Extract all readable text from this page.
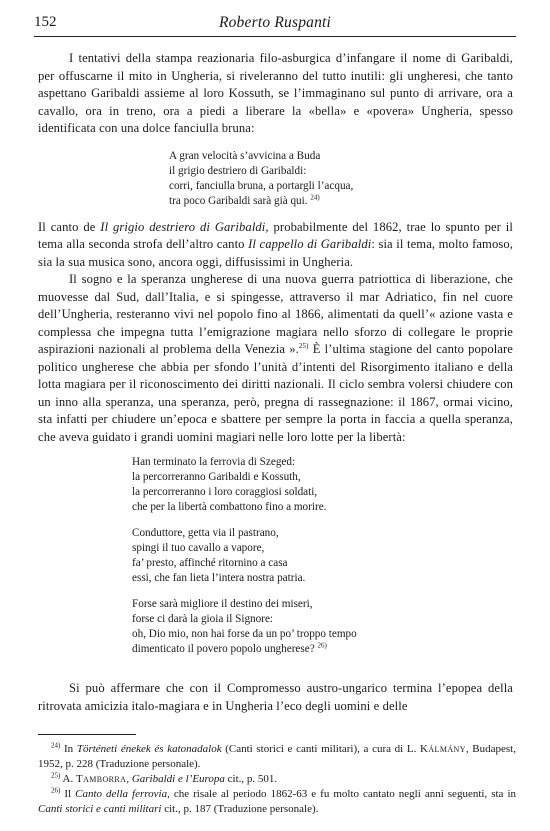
152	Roberto Ruspanti

I tentativi della stampa reazionaria filo-asburgica d’infangare il nome di Garibaldi, per offuscarne il mito in Ungheria, si riveleranno del tutto inutili: gli ungheresi, che tanto aspettano Garibaldi assieme al loro Kossuth, se l’immaginano sul punto di arrivare, ora a cavallo, ora in treno, ora a piedi a liberare la «bella» e «povera» Ungheria, spesso identificata con una dolce fanciulla bruna:

A gran velocità s’avvicina a Buda
il grigio destriero di Garibaldi:
corri, fanciulla bruna, a portargli l’acqua,
tra poco Garibaldi sarà già qui. $^{24)}$

Il canto de Il grigio destriero di Garibaldi, probabilmente del 1862, trae lo spunto per il tema alla seconda strofa dell’altro canto Il cappello di Garibaldi: sia il tema, molto famoso, sia la sua musica sono, ancora oggi, diffusissimi in Ungheria.

Il sogno e la speranza ungherese di una nuova guerra patriottica di liberazione, che muovesse dal Sud, dall’Italia, e si spingesse, attraverso il mar Adriatico, fin nel cuore dell’Ungheria, resteranno vivi nel popolo fino al 1866, alimentati da quell’« azione vasta e complessa che impegna tutta l’emigrazione magiara nello sforzo di collegare le proprie aspirazioni nazionali al problema della Venezia ».$^{25)}$ È l’ultima stagione del canto popolare politico ungherese che abbia per sfondo l’unità d’intenti del Risorgimento italiano e della lotta magiara per il riconoscimento dei diritti nazionali. Il ciclo sembra volersi chiudere con un inno alla speranza, una speranza, però, pregna di rassegnazione: il 1867, ormai vicino, sta infatti per chiudere un’epoca e sbattere per sempre la porta in faccia a quella speranza, che aveva guidato i grandi uomini magiari nelle loro lotte per la libertà:

Han terminato la ferrovia di Szeged:
la percorreranno Garibaldi e Kossuth,
la percorreranno i loro coraggiosi soldati,
che per la libertà combattono fino a morire.
Conduttore, getta via il pastrano,
spingi il tuo cavallo a vapore,
fa’ presto, affinché ritornino a casa
essi, che fan lieta l’intera nostra patria.
Forse sarà migliore il destino dei miseri,
forse ci darà la gioia il Signore:
oh, Dio mio, non hai forse da un po’ troppo tempo
dimenticato il povero popolo ungherese? $^{26)}$

Si può affermare che con il Compromesso austro-ungarico termina l’epopea della ritrovata amicizia italo-magiara e in Ungheria l’eco degli uomini e delle

$^{24)}$ In Történeti énekek és katonadalok (Canti storici e canti militari), a cura di L. Kálmány, Budapest, 1952, p. 228 (Traduzione personale).

$^{25)}$ A. Tamborra, Garibaldi e l’Europa cit., p. 501.

$^{26)}$ Il Canto della ferrovia, che risale al periodo 1862-63 e fu molto cantato negli anni seguenti, sta in Canti storici e canti militari cit., p. 187 (Traduzione personale).
